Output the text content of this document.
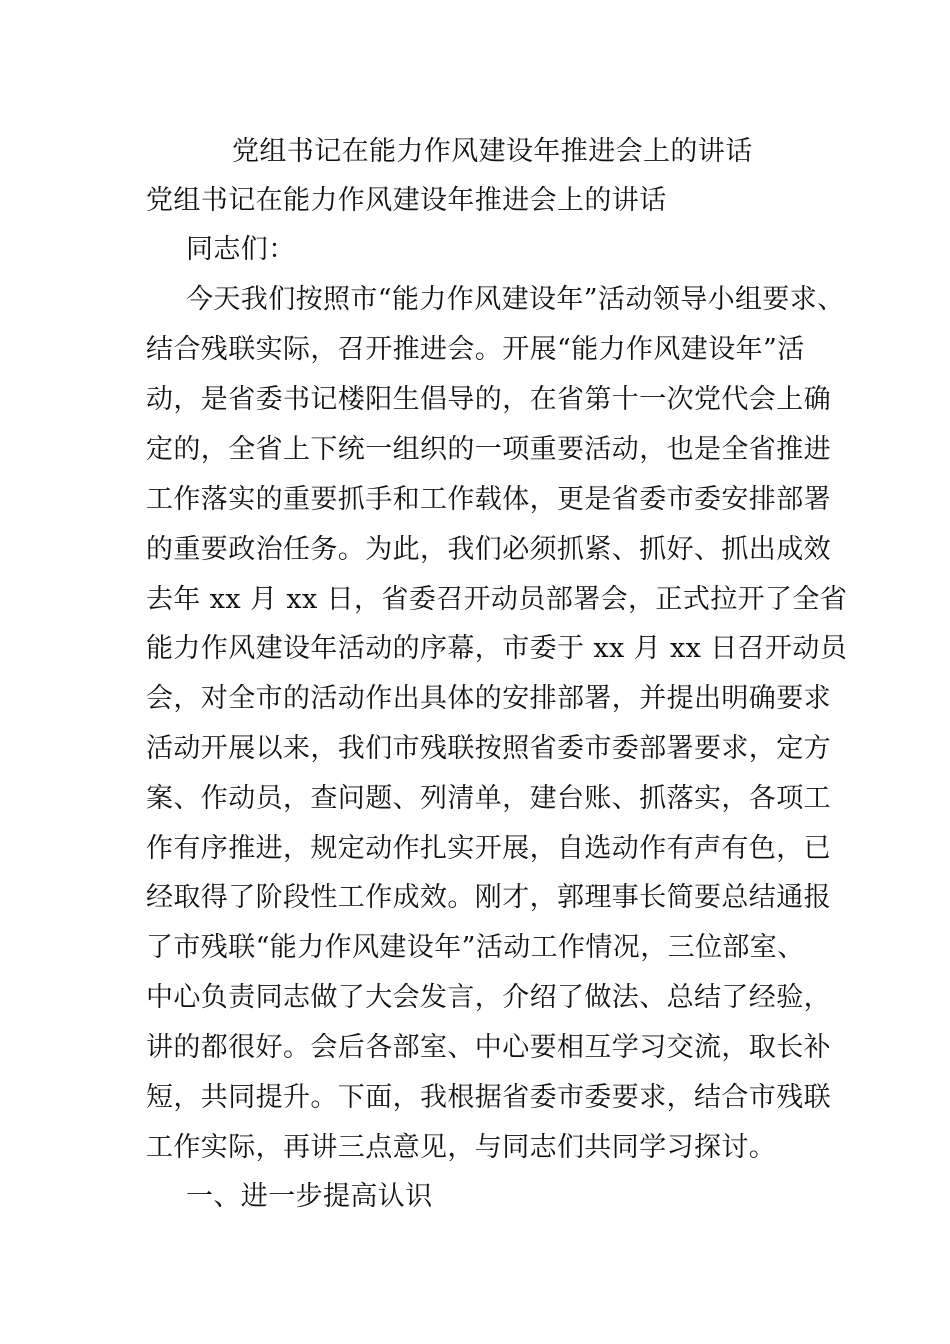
党组书记在能力作风建设年推进会上的讲话
党组书记在能力作风建设年推进会上的讲话
同志们：
今天我们按照市“能力作风建设年”活动领导小组要求、
结合残联实际，召开推进会。开展“能力作风建设年”活
动，是省委书记楼阳生倡导的，在省第十一次党代会上确
定的，全省上下统一组织的一项重要活动，也是全省推进
工作落实的重要抓手和工作载体，更是省委市委安排部署
的重要政治任务。为此，我们必须抓紧、抓好、抓出成效
去年 xx 月 xx 日，省委召开动员部署会，正式拉开了全省
能力作风建设年活动的序幕，市委于 xx 月 xx 日召开动员
会，对全市的活动作出具体的安排部署，并提出明确要求
活动开展以来，我们市残联按照省委市委部署要求，定方
案、作动员，查问题、列清单，建台账、抓落实，各项工
作有序推进，规定动作扎实开展，自选动作有声有色，已
经取得了阶段性工作成效。刚才，郭理事长简要总结通报
了市残联“能力作风建设年”活动工作情况，三位部室、
中心负责同志做了大会发言，介绍了做法、总结了经验，
讲的都很好。会后各部室、中心要相互学习交流，取长补
短，共同提升。下面，我根据省委市委要求，结合市残联
工作实际，再讲三点意见，与同志们共同学习探讨。
一、进一步提高认识
